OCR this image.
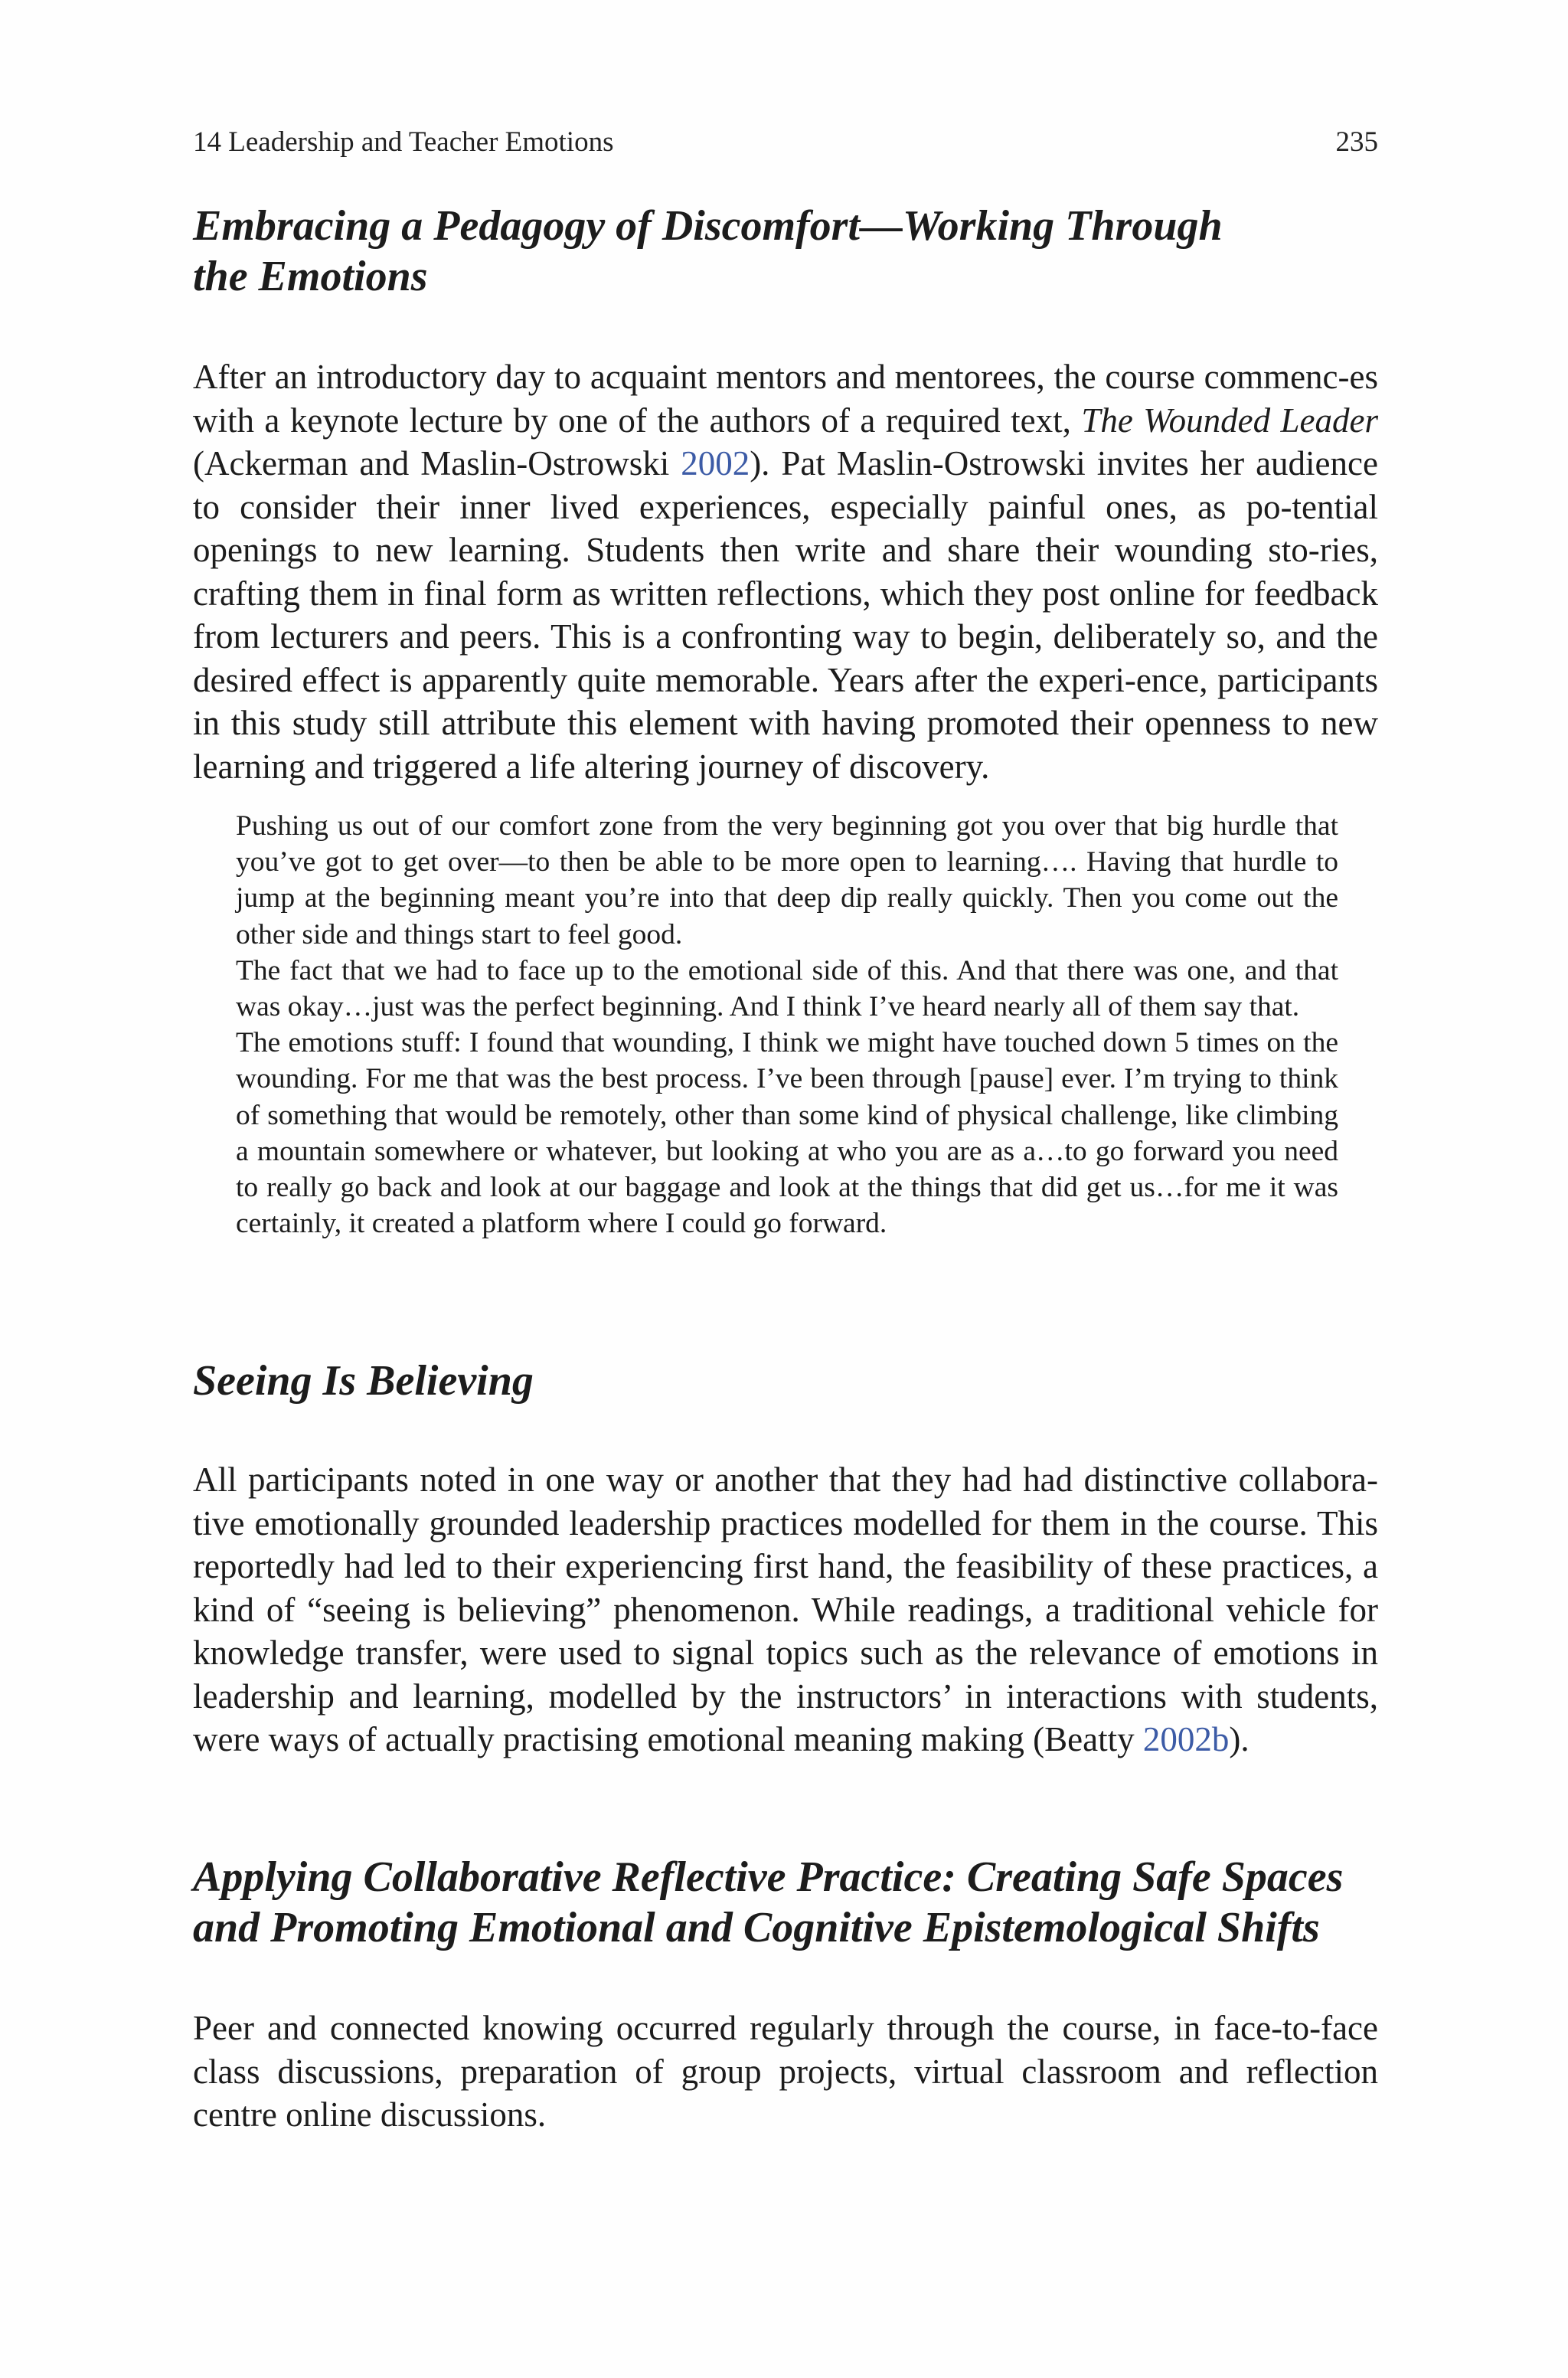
14 Leadership and Teacher Emotions	235
Embracing a Pedagogy of Discomfort—Working Through
the Emotions

After an introductory day to acquaint mentors and mentorees, the course commenc-es with a keynote lecture by one of the authors of a required text, The Wounded Leader (Ackerman and Maslin-Ostrowski 2002). Pat Maslin-Ostrowski invites her audience to consider their inner lived experiences, especially painful ones, as po-tential openings to new learning. Students then write and share their wounding sto-ries, crafting them in final form as written reflections, which they post online for feedback from lecturers and peers. This is a confronting way to begin, deliberately so, and the desired effect is apparently quite memorable. Years after the experi-ence, participants in this study still attribute this element with having promoted their openness to new learning and triggered a life altering journey of discovery.

Pushing us out of our comfort zone from the very beginning got you over that big hurdle that you’ve got to get over—to then be able to be more open to learning…. Having that hurdle to jump at the beginning meant you’re into that deep dip really quickly. Then you come out the other side and things start to feel good.

The fact that we had to face up to the emotional side of this. And that there was one, and that was okay…just was the perfect beginning. And I think I’ve heard nearly all of them say that.

The emotions stuff: I found that wounding, I think we might have touched down 5 times on the wounding. For me that was the best process. I’ve been through [pause] ever. I’m trying to think of something that would be remotely, other than some kind of physical challenge, like climbing a mountain somewhere or whatever, but looking at who you are as a…to go forward you need to really go back and look at our baggage and look at the things that did get us…for me it was certainly, it created a platform where I could go forward.

Seeing Is Believing

All participants noted in one way or another that they had had distinctive collabora-tive emotionally grounded leadership practices modelled for them in the course. This reportedly had led to their experiencing first hand, the feasibility of these practices, a kind of “seeing is believing” phenomenon. While readings, a traditional vehicle for knowledge transfer, were used to signal topics such as the relevance of emotions in leadership and learning, modelled by the instructors’ in interactions with students, were ways of actually practising emotional meaning making (Beatty 2002b).

Applying Collaborative Reflective Practice: Creating Safe Spaces
and Promoting Emotional and Cognitive Epistemological Shifts

Peer and connected knowing occurred regularly through the course, in face-to-face class discussions, preparation of group projects, virtual classroom and reflection centre online discussions.
